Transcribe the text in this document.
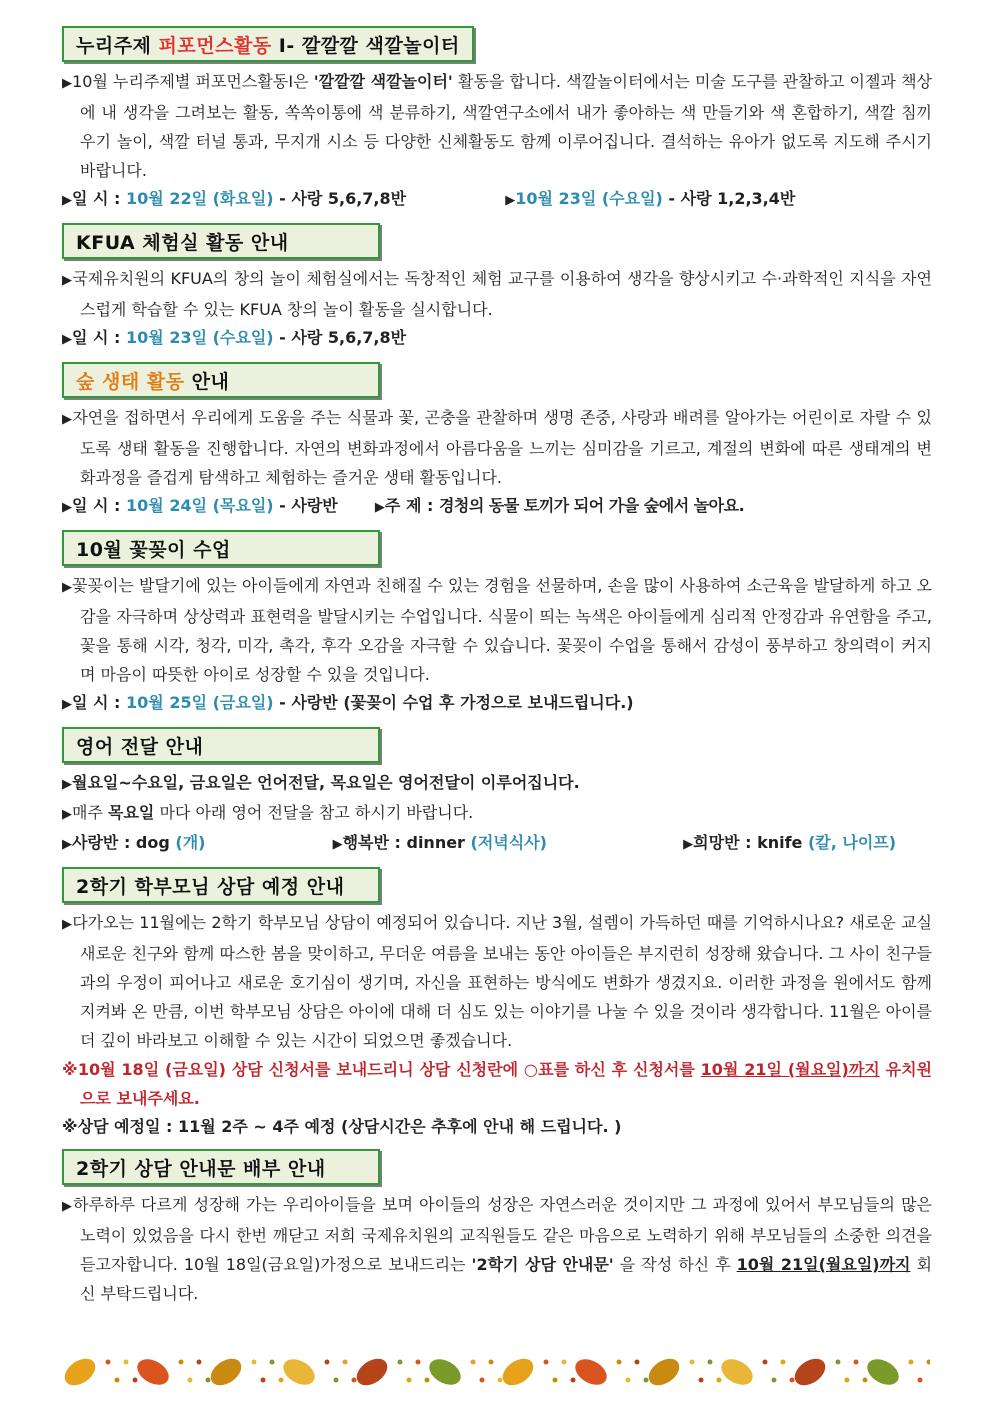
누리주제 퍼포먼스활동 I- 깔깔깔 색깔놀이터
▶10월 누리주제별 퍼포먼스활동Ⅰ은 '깔깔깔 색깔놀이터' 활동을 합니다. 색깔놀이터에서는 미술 도구를 관찰하고 이젤과 책상에 내 생각을 그려보는 활동, 쏙쏙이통에 색 분류하기, 색깔연구소에서 내가 좋아하는 색 만들기와 색 혼합하기, 색깔 침끼우기 놀이, 색깔 터널 통과, 무지개 시소 등 다양한 신체활동도 함께 이루어집니다. 결석하는 유아가 없도록 지도해 주시기 바랍니다.
▶일 시 : 10월 22일 (화요일) - 사랑 5,6,7,8반	▶10월 23일 (수요일) - 사랑 1,2,3,4반
KFUA 체험실 활동 안내
▶국제유치원의 KFUA의 창의 놀이 체험실에서는 독창적인 체험 교구를 이용하여 생각을 향상시키고 수·과학적인 지식을 자연스럽게 학습할 수 있는 KFUA 창의 놀이 활동을 실시합니다.
▶일 시 : 10월 23일 (수요일) - 사랑 5,6,7,8반
숲 생태 활동 안내
▶자연을 접하면서 우리에게 도움을 주는 식물과 꽃, 곤충을 관찰하며 생명 존중, 사랑과 배려를 알아가는 어린이로 자랄 수 있도록 생태 활동을 진행합니다. 자연의 변화과정에서 아름다움을 느끼는 심미감을 기르고, 계절의 변화에 따른 생태계의 변화과정을 즐겁게 탐색하고 체험하는 즐거운 생태 활동입니다.
▶일 시 : 10월 24일 (목요일) - 사랑반	▶주 제 : 경청의 동물 토끼가 되어 가을 숲에서 놀아요.
10월 꽃꽂이 수업
▶꽃꽂이는 발달기에 있는 아이들에게 자연과 친해질 수 있는 경험을 선물하며, 손을 많이 사용하여 소근육을 발달하게 하고 오감을 자극하며 상상력과 표현력을 발달시키는 수업입니다. 식물이 띄는 녹색은 아이들에게 심리적 안정감과 유연함을 주고, 꽃을 통해 시각, 청각, 미각, 촉각, 후각 오감을 자극할 수 있습니다. 꽃꽂이 수업을 통해서 감성이 풍부하고 창의력이 커지며 마음이 따뜻한 아이로 성장할 수 있을 것입니다.
▶일 시 : 10월 25일 (금요일) - 사랑반 (꽃꽂이 수업 후 가정으로 보내드립니다.)
영어 전달 안내
▶월요일~수요일, 금요일은 언어전달, 목요일은 영어전달이 이루어집니다.
▶매주 목요일 마다 아래 영어 전달을 참고 하시기 바랍니다.
▶사랑반 : dog (개)	▶행복반 : dinner (저녁식사)	▶희망반 : knife (칼, 나이프)
2학기 학부모님 상담 예정 안내
▶다가오는 11월에는 2학기 학부모님 상담이 예정되어 있습니다. 지난 3월, 설렘이 가득하던 때를 기억하시나요? 새로운 교실 새로운 친구와 함께 따스한 봄을 맞이하고, 무더운 여름을 보내는 동안 아이들은 부지런히 성장해 왔습니다. 그 사이 친구들과의 우정이 피어나고 새로운 호기심이 생기며, 자신을 표현하는 방식에도 변화가 생겼지요. 이러한 과정을 원에서도 함께 지켜봐 온 만큼, 이번 학부모님 상담은 아이에 대해 더 심도 있는 이야기를 나눌 수 있을 것이라 생각합니다. 11월은 아이를 더 깊이 바라보고 이해할 수 있는 시간이 되었으면 좋겠습니다.
※10월 18일 (금요일) 상담 신청서를 보내드리니 상담 신청란에 ○표를 하신 후 신청서를 10월 21일 (월요일)까지 유치원으로 보내주세요.
※상담 예정일 : 11월 2주 ~ 4주 예정 (상담시간은 추후에 안내 해 드립니다. )
2학기 상담 안내문 배부 안내
▶하루하루 다르게 성장해 가는 우리아이들을 보며 아이들의 성장은 자연스러운 것이지만 그 과정에 있어서 부모님들의 많은 노력이 있었음을 다시 한번 깨닫고 저희 국제유치원의 교직원들도 같은 마음으로 노력하기 위해 부모님들의 소중한 의견을 듣고자합니다. 10월 18일(금요일)가정으로 보내드리는 '2학기 상담 안내문' 을 작성 하신 후 10월 21일(월요일)까지 회신 부탁드립니다.
